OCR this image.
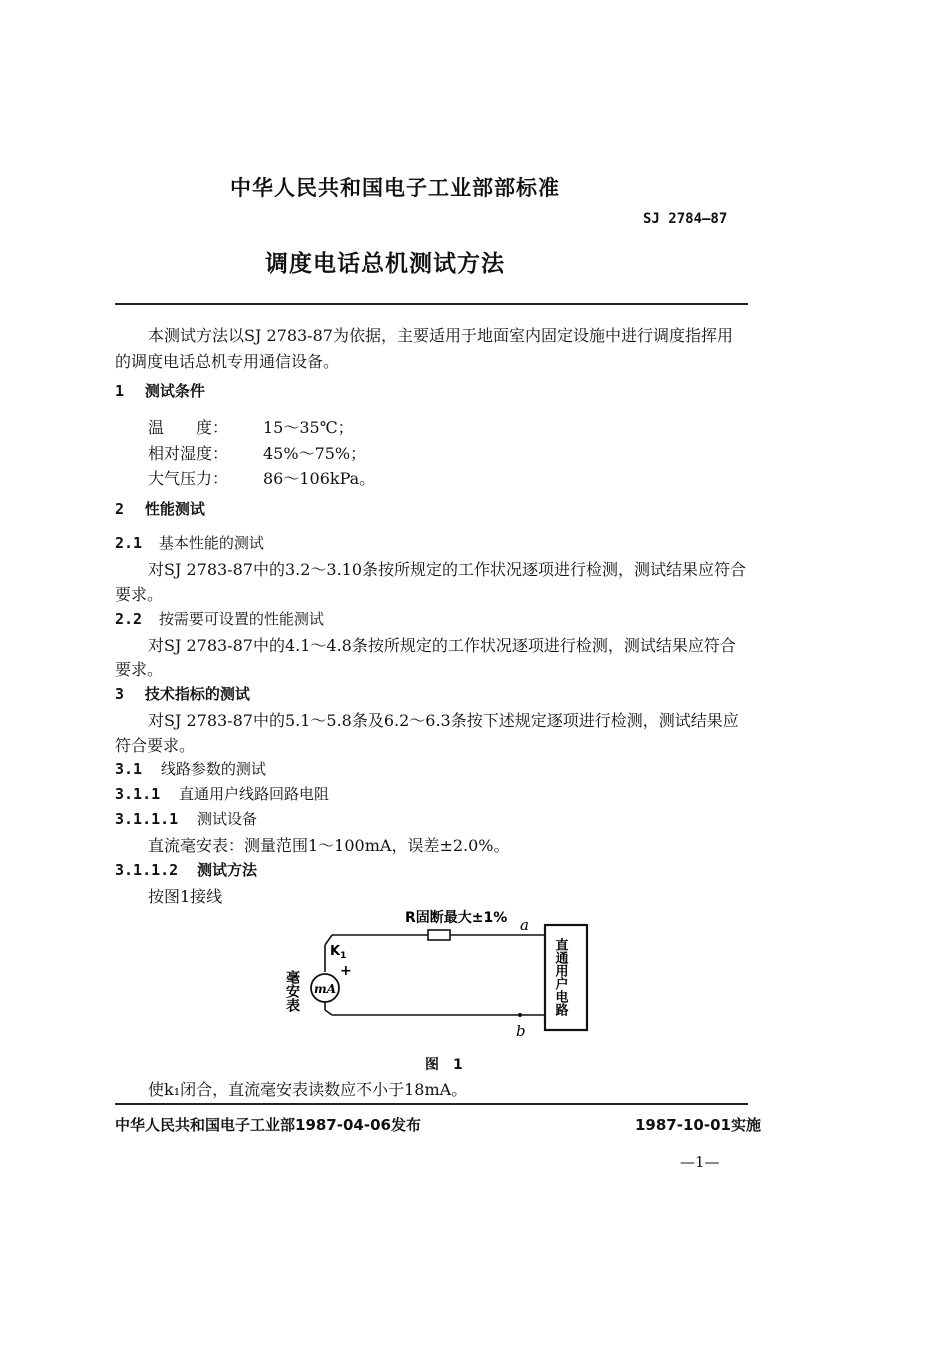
中华人民共和国电子工业部部标准
SJ 2784—87
调度电话总机测试方法
本测试方法以SJ 2783-87为依据，主要适用于地面室内固定设施中进行调度指挥用
的调度电话总机专用通信设备。
1 测试条件
温　　度： 15～35℃；
相对湿度： 45%～75%；
大气压力： 86～106kPa。
2 性能测试
2.1 基本性能的测试
对SJ 2783-87中的3.2～3.10条按所规定的工作状况逐项进行检测，测试结果应符合
要求。
2.2 按需要可设置的性能测试
对SJ 2783-87中的4.1～4.8条按所规定的工作状况逐项进行检测，测试结果应符合
要求。
3 技术指标的测试
对SJ 2783-87中的5.1～5.8条及6.2～6.3条按下述规定逐项进行检测，测试结果应
符合要求。
3.1 线路参数的测试
3.1.1 直通用户线路回路电阻
3.1.1.1 测试设备
直流毫安表：测量范围1～100mA，误差±2.0%。
3.1.1.2 测试方法
按图1接线
R固断最大±1% a
$K_1$
+
mA
毫安表
b
直通用户电路
图　1
使k₁闭合，直流毫安表读数应不小于18mA。
中华人民共和国电子工业部1987-04-06发布	1987-10-01实施
—1—
